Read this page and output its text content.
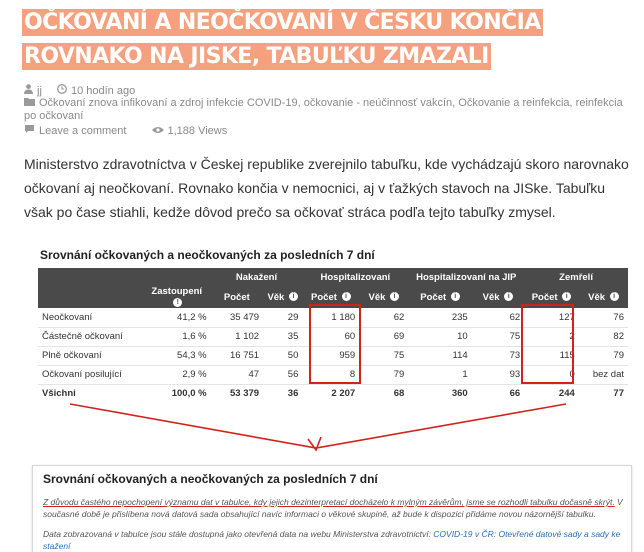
OČKOVANÍ A NEOČKOVANÍ V ČESKU KONČIA ROVNAKO NA JISKE, TABUĽKU ZMAZALI
jj	10 hodín ago
Očkovaní znova infikovaní a zdroj infekcie COVID-19, očkovanie - neúčinnosť vakcín, Očkovanie a reinfekcia, reinfekcia po očkovaní
Leave a comment	1,188 Views

Ministerstvo zdravotníctva v Českej republike zverejnilo tabuľku, kde vychádzajú skoro narovnako očkovaní aj neočkovaní. Rovnako končia v nemocnici, aj v ťažkých stavoch na JISke. Tabuľku však po čase stiahli, kedže dôvod prečo sa očkovať stráca podľa tejto tabuľky zmysel.

Srovnání očkovaných a neočkovaných za posledních 7 dní
		Nakažení		Hospitalizovaní		Hospitalizovaní na JIP		Zemřelí	
	Zastoupení !	Počet	Věk i	Počet i	Věk i	Počet i	Věk i	Počet i	Věk i
Neočkovaní	41,2 %	35 479	29	1 180	62	235	62	127	76
Částečně očkovaní	1,6 %	1 102	35	60	69	10	75	2	82
Plně očkovaní	54,3 %	16 751	50	959	75	114	73	115	79
Očkovaní posilující	2,9 %	47	56	8	79	1	93	0	bez dat
Všichni	100,0 %	53 379	36	2 207	68	360	66	244	77
Srovnání očkovaných a neočkovaných za posledních 7 dní
Z důvodu častého nepochopení významu dat v tabulce, kdy jejich dezinterpretací docházelo k mylným závěrům, jsme se rozhodli tabulku dočasně skrýt. V současné době je přislíbena nová datová sada obsahující navíc informaci o věkové skupině, až bude k dispozici přidáme novou názornější tabulku.
Data zobrazovaná v tabulce jsou stále dostupná jako otevřená data na webu Ministerstva zdravotnictví: COVID-19 v ČR: Otevřené datové sady a sady ke stažení
